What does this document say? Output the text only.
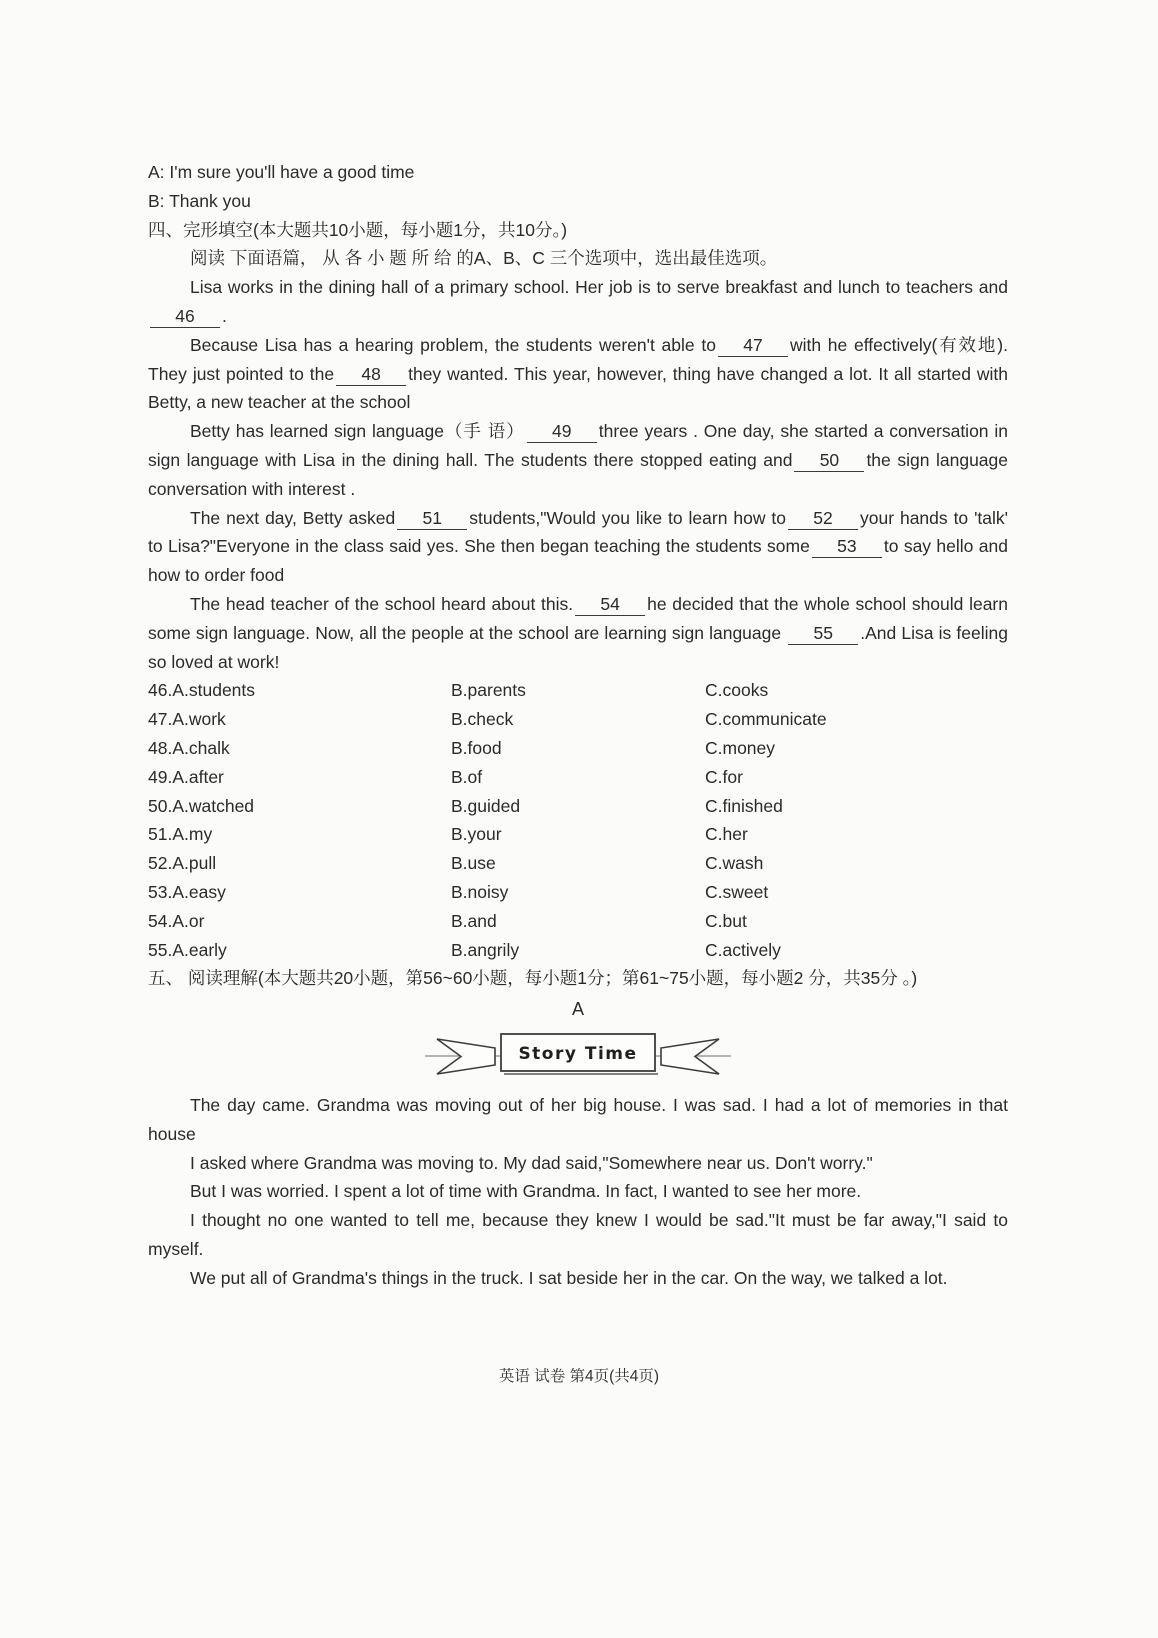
A: I'm sure you'll have a good time
B: Thank you
四、完形填空(本大题共10小题，每小题1分，共10分。)
阅读 下面语篇， 从 各 小 题 所 给 的A、B、C 三个选项中，选出最佳选项。

Lisa works in the dining hall of a primary school. Her job is to serve breakfast and lunch to teachers and46 .

Because Lisa has a hearing problem, the students weren't able to 47 with he effectively(有效地). They just pointed to the 48 they wanted. This year, however, thing have changed a lot. It all started with Betty, a new teacher at the school

Betty has learned sign language（手 语） 49 three years . One day, she started a conversation in sign language with Lisa in the dining hall. The students there stopped eating and 50 the sign language conversation with interest .

The next day, Betty asked 51 students,"Would you like to learn how to 52 your hands to 'talk' to Lisa?"Everyone in the class said yes. She then began teaching the students some 53 to say hello and how to order food

The head teacher of the school heard about this. 54 he decided that the whole school should learn some sign language. Now, all the people at the school are learning sign language 55 .And Lisa is feeling so loved at work!

46.A.students	B.parents	C.cooks
47.A.work	B.check	C.communicate
48.A.chalk	B.food	C.money
49.A.after	B.of	C.for
50.A.watched	B.guided	C.finished
51.A.my	B.your	C.her
52.A.pull	B.use	C.wash
53.A.easy	B.noisy	C.sweet
54.A.or	B.and	C.but
55.A.early	B.angrily	C.actively
五、 阅读理解(本大题共20小题，第56~60小题，每小题1分；第61~75小题，每小题2 分，共35分 。)
A
Story Time

The day came. Grandma was moving out of her big house. I was sad. I had a lot of memories in that house

I asked where Grandma was moving to. My dad said,"Somewhere near us. Don't worry."

But I was worried. I spent a lot of time with Grandma. In fact, I wanted to see her more.

I thought no one wanted to tell me, because they knew I would be sad."It must be far away,"I said to myself.

We put all of Grandma's things in the truck. I sat beside her in the car. On the way, we talked a lot.

英语 试卷 第4页(共4页)
